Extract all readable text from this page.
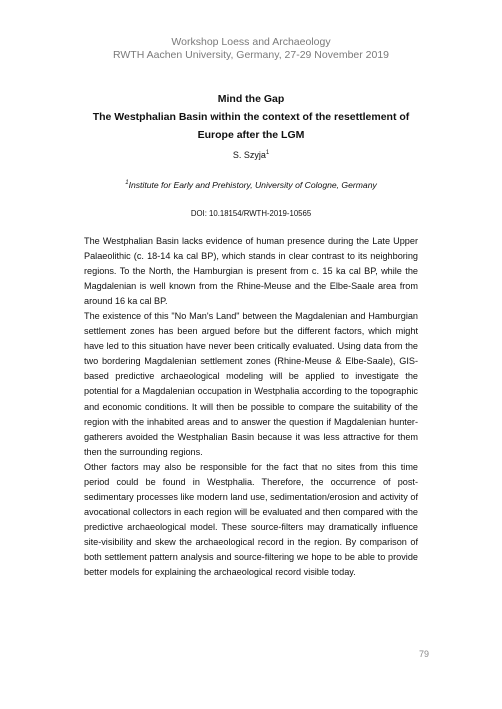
Workshop Loess and Archaeology
RWTH Aachen University, Germany, 27-29 November 2019
Mind the Gap
The Westphalian Basin within the context of the resettlement of
Europe after the LGM
S. Szyja$^1$
$^1$Institute for Early and Prehistory, University of Cologne, Germany
DOI: 10.18154/RWTH-2019-10565

The Westphalian Basin lacks evidence of human presence during the Late Upper Palaeolithic (c. 18-14 ka cal BP), which stands in clear contrast to its neighboring regions. To the North, the Hamburgian is present from c. 15 ka cal BP, while the Magdalenian is well known from the Rhine-Meuse and the Elbe-Saale area from around 16 ka cal BP.

The existence of this "No Man's Land" between the Magdalenian and Hamburgian settlement zones has been argued before but the different factors, which might have led to this situation have never been critically evaluated. Using data from the two bordering Magdalenian settlement zones (Rhine-Meuse & Elbe-Saale), GIS-based predictive archaeological modeling will be applied to investigate the potential for a Magdalenian occupation in Westphalia according to the topographic and economic conditions. It will then be possible to compare the suitability of the region with the inhabited areas and to answer the question if Magdalenian hunter-gatherers avoided the Westphalian Basin because it was less attractive for them then the surrounding regions.

Other factors may also be responsible for the fact that no sites from this time period could be found in Westphalia. Therefore, the occurrence of post-sedimentary processes like modern land use, sedimentation/erosion and activity of avocational collectors in each region will be evaluated and then compared with the predictive archaeological model. These source-filters may dramatically influence site-visibility and skew the archaeological record in the region. By comparison of both settlement pattern analysis and source-filtering we hope to be able to provide better models for explaining the archaeological record visible today.

79
